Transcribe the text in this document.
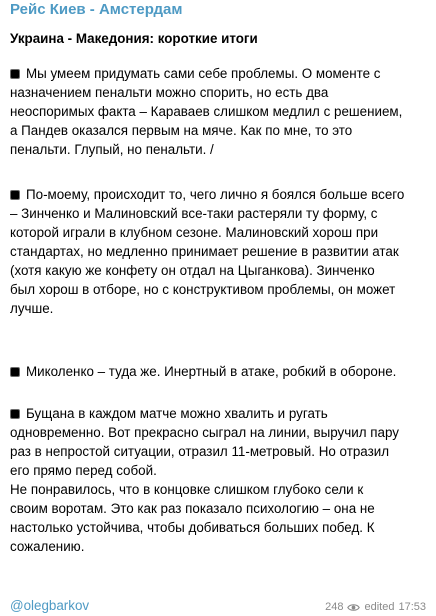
Рейс Киев - Амстердам
Украина - Македония: короткие итоги
Мы умеем придумать сами себе проблемы. О моменте с
назначением пенальти можно спорить, но есть два
неоспоримых факта – Караваев слишком медлил с решением,
а Пандев оказался первым на мяче. Как по мне, то это
пенальти. Глупый, но пенальти. /
По-моему, происходит то, чего лично я боялся больше всего
– Зинченко и Малиновский все-таки растеряли ту форму, с
которой играли в клубном сезоне. Малиновский хорош при
стандартах, но медленно принимает решение в развитии атак
(хотя какую же конфету он отдал на Цыганкова). Зинченко
был хорош в отборе, но с конструктивом проблемы, он может
лучше.
Миколенко – туда же. Инертный в атаке, робкий в обороне.
Бущана в каждом матче можно хвалить и ругать
одновременно. Вот прекрасно сыграл на линии, выручил пару
раз в непростой ситуации, отразил 11-метровый. Но отразил
его прямо перед собой.
Не понравилось, что в концовке слишком глубоко сели к
своим воротам. Это как раз показало психологию – она не
настолько устойчива, чтобы добиваться больших побед. К
сожалению.
@olegbarkov	248 edited 17:53
